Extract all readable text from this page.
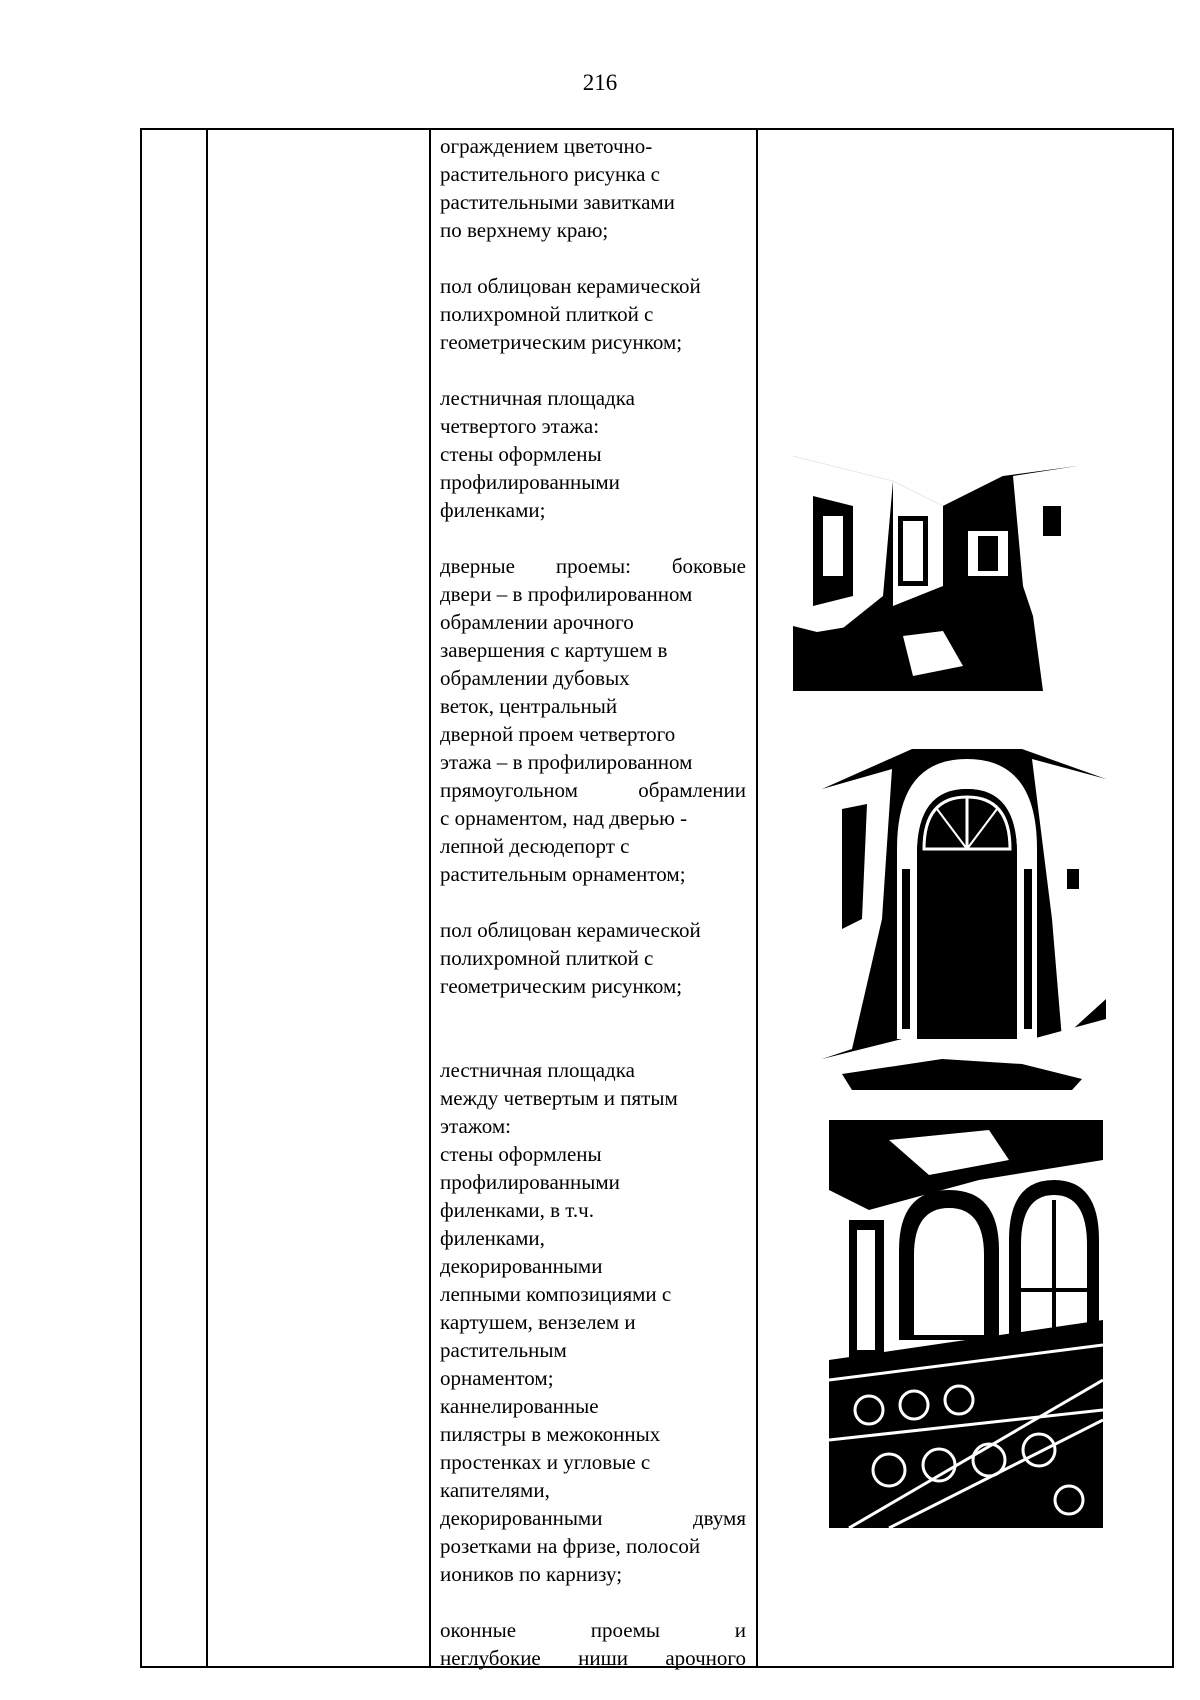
216
ограждением цветочно-
растительного рисунка с
растительными завитками
по верхнему краю;
пол облицован керамической
полихромной плиткой с
геометрическим рисунком;
лестничная площадка
четвертого этажа:
стены оформлены
профилированными
филенками;
дверные проемы: боковые
двери – в профилированном
обрамлении арочного
завершения с картушем в
обрамлении дубовых
веток, центральный
дверной проем четвертого
этажа – в профилированном
прямоугольном	обрамлении
с орнаментом, над дверью -
лепной десюдепорт с
растительным орнаментом;
пол облицован керамической
полихромной плиткой с
геометрическим рисунком;
лестничная площадка
между четвертым и пятым
этажом:
стены оформлены
профилированными
филенками, в т.ч.
филенками,
декорированными
лепными композициями с
картушем, вензелем и
растительным
орнаментом;
каннелированные
пилястры в межоконных
простенках и угловые с
капителями,
декорированными	двумя
розетками на фризе, полосой
иоников по карнизу;
оконные	проемы	и
неглубокие ниши арочного
